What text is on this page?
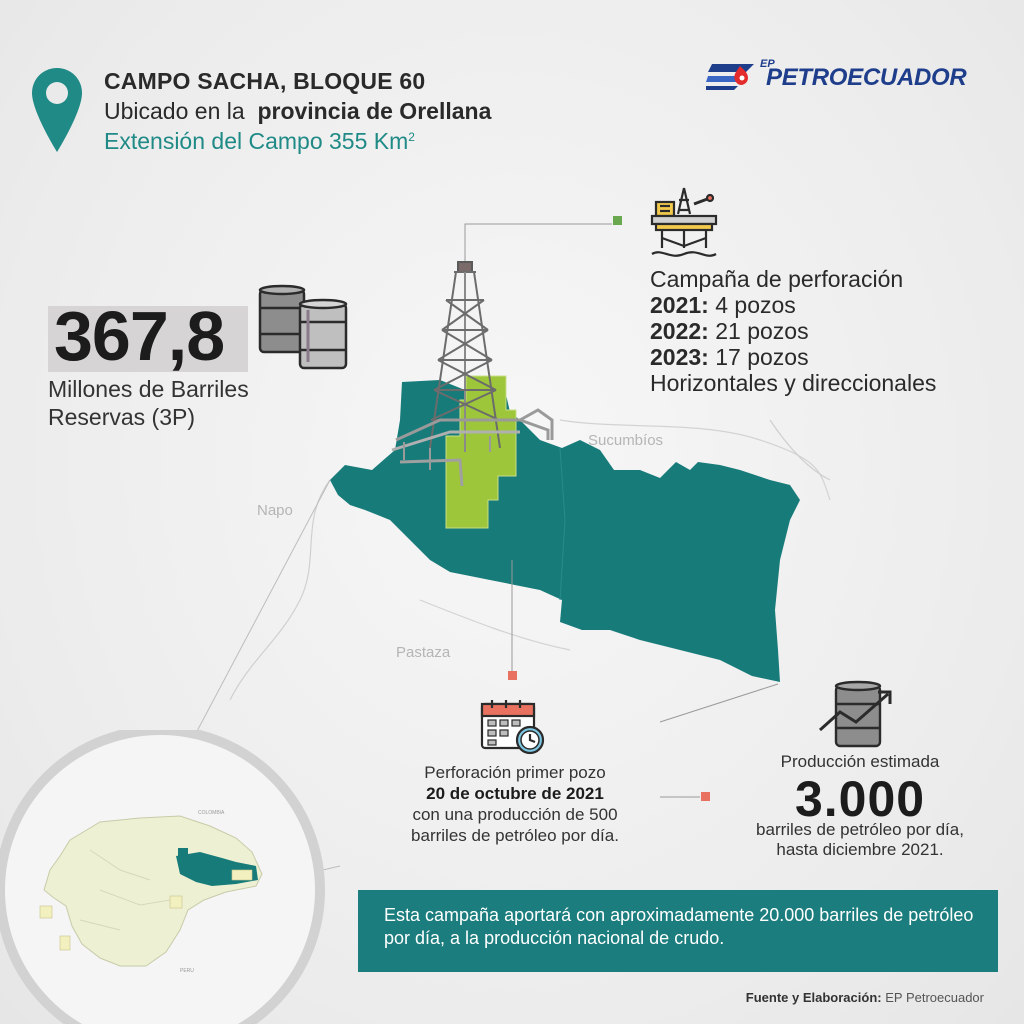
Napo
Sucumbíos
Pastaza
COLOMBIA
PERU
CAMPO SACHA, BLOQUE 60
Ubicado en la provincia de Orellana
Extensión del Campo 355 Km$^2$
EP
PETROECUADOR
367,8
Millones de Barriles
Reservas (3P)
Campaña de perforación
2021: 4 pozos
2022: 21 pozos
2023: 17 pozos
Horizontales y direccionales
Perforación primer pozo
20 de octubre de 2021
con una producción de 500
barriles de petróleo por día.
Producción estimada
3.000
barriles de petróleo por día,
hasta diciembre 2021.
Esta campaña aportará con aproximadamente 20.000 barriles de petróleo por día, a la producción nacional de crudo.
Fuente y Elaboración: EP Petroecuador
